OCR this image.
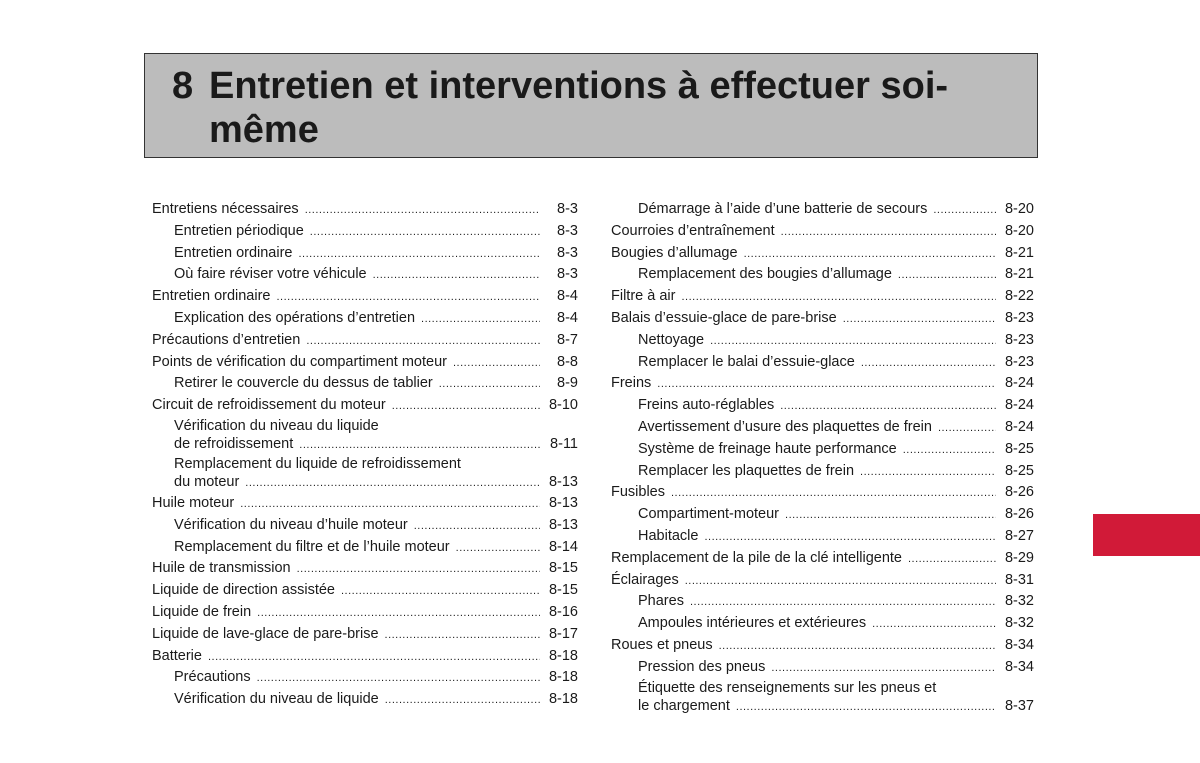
8 Entretien et interventions à effectuer soi-même
Entretiens nécessaires .....	8-3
Entretien périodique .....	8-3
Entretien ordinaire .....	8-3
Où faire réviser votre véhicule .....	8-3
Entretien ordinaire .....	8-4
Explication des opérations d’entretien .....	8-4
Précautions d’entretien .....	8-7
Points de vérification du compartiment moteur .....	8-8
Retirer le couvercle du dessus de tablier .....	8-9
Circuit de refroidissement du moteur .....	8-10
Vérification du niveau du liquide
de refroidissement .....	8-11
Remplacement du liquide de refroidissement
du moteur .....	8-13
Huile moteur .....	8-13
Vérification du niveau d’huile moteur .....	8-13
Remplacement du filtre et de l’huile moteur .....	8-14
Huile de transmission .....	8-15
Liquide de direction assistée .....	8-15
Liquide de frein .....	8-16
Liquide de lave-glace de pare-brise .....	8-17
Batterie .....	8-18
Précautions .....	8-18
Vérification du niveau de liquide .....	8-18
Démarrage à l’aide d’une batterie de secours .....	8-20
Courroies d’entraînement .....	8-20
Bougies d’allumage .....	8-21
Remplacement des bougies d’allumage .....	8-21
Filtre à air .....	8-22
Balais d’essuie-glace de pare-brise .....	8-23
Nettoyage .....	8-23
Remplacer le balai d’essuie-glace .....	8-23
Freins .....	8-24
Freins auto-réglables .....	8-24
Avertissement d’usure des plaquettes de frein .....	8-24
Système de freinage haute performance .....	8-25
Remplacer les plaquettes de frein .....	8-25
Fusibles .....	8-26
Compartiment-moteur .....	8-26
Habitacle .....	8-27
Remplacement de la pile de la clé intelligente .....	8-29
Éclairages .....	8-31
Phares .....	8-32
Ampoules intérieures et extérieures .....	8-32
Roues et pneus .....	8-34
Pression des pneus .....	8-34
Étiquette des renseignements sur les pneus et
le chargement .....	8-37
